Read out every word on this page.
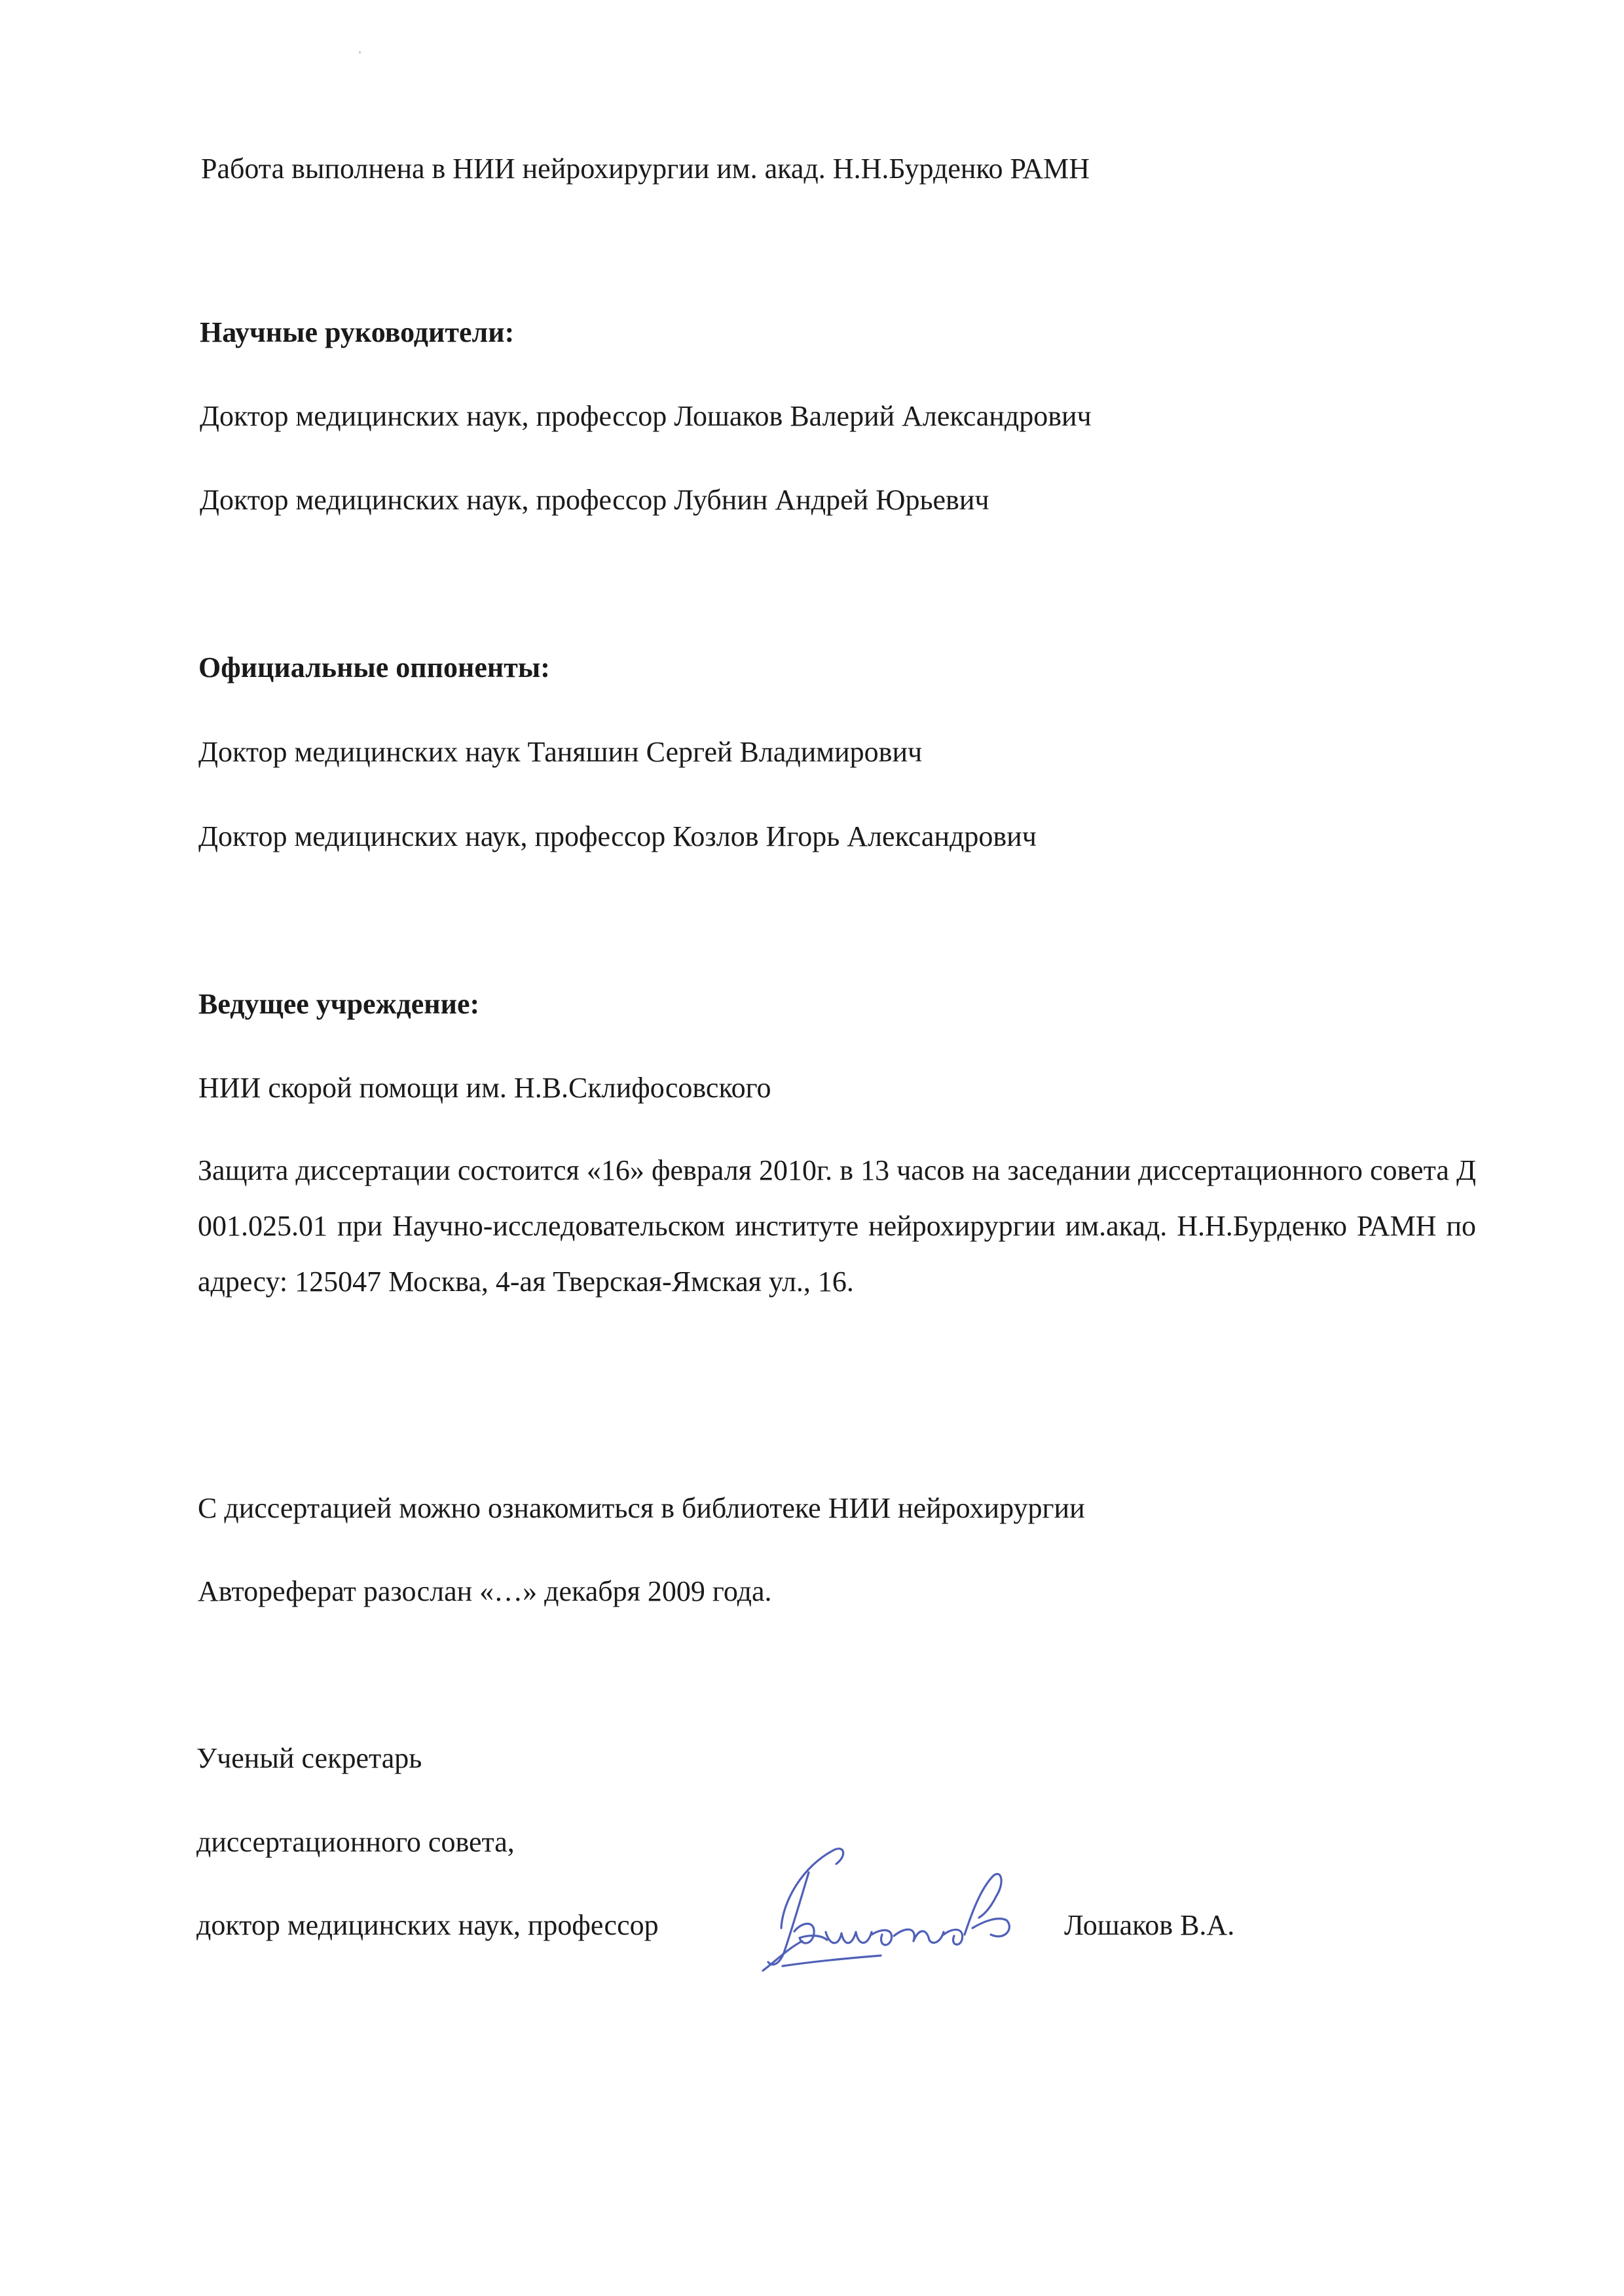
Работа выполнена в НИИ нейрохирургии им. акад. Н.Н.Бурденко РАМН
Научные руководители:
Доктор медицинских наук, профессор Лошаков Валерий Александрович
Доктор медицинских наук, профессор Лубнин Андрей Юрьевич
Официальные оппоненты:
Доктор медицинских наук Таняшин Сергей Владимирович
Доктор медицинских наук, профессор Козлов Игорь Александрович
Ведущее учреждение:
НИИ скорой помощи им. Н.В.Склифосовского
Защита диссертации состоится «16» февраля 2010г. в 13 часов на заседании диссертационного совета Д 001.025.01 при Научно-исследовательском институте нейрохирургии им.акад. Н.Н.Бурденко РАМН по адресу: 125047 Москва, 4-ая Тверская-Ямская ул., 16.
С диссертацией можно ознакомиться в библиотеке НИИ нейрохирургии
Автореферат разослан «…» декабря 2009 года.
Ученый секретарь
диссертационного совета,
доктор медицинских наук, профессор	Лошаков В.А.
